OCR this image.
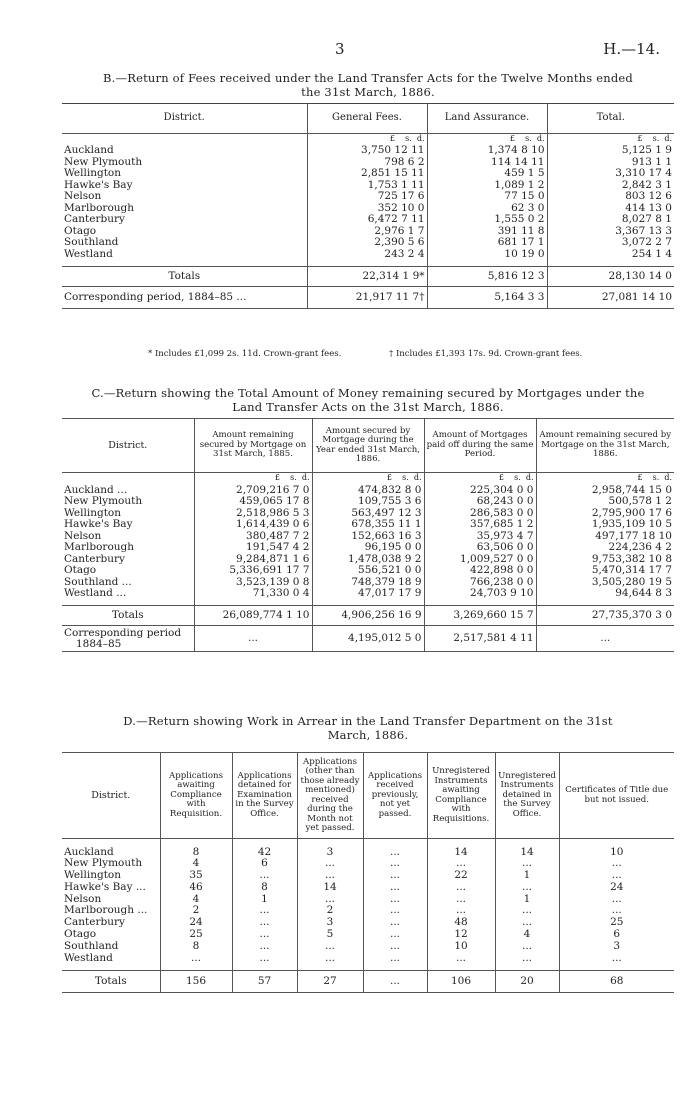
3	H.—14.
B.—Return of Fees received under the Land Transfer Acts for the Twelve Months ended
the 31st March, 1886.
District.	General Fees.	Land Assurance.	Total.
	£    s.  d.	£    s.  d.	£    s.  d.
Auckland	3,750 12 11	1,374 8 10	5,125 1 9
New Plymouth	798 6 2	114 14 11	913 1 1
Wellington	2,851 15 11	459 1 5	3,310 17 4
Hawke's Bay	1,753 1 11	1,089 1 2	2,842 3 1
Nelson	725 17 6	77 15 0	803 12 6
Marlborough	352 10 0	62 3 0	414 13 0
Canterbury	6,472 7 11	1,555 0 2	8,027 8 1
Otago	2,976 1 7	391 11 8	3,367 13 3
Southland	2,390 5 6	681 17 1	3,072 2 7
Westland	243 2 4	10 19 0	254 1 4

Totals	22,314 1 9*	5,816 12 3	28,130 14 0
Corresponding period, 1884–85 ...	21,917 11 7†	5,164 3 3	27,081 14 10
* Includes £1,099 2s. 11d. Crown-grant fees.	† Includes £1,393 17s. 9d. Crown-grant fees.
C.—Return showing the Total Amount of Money remaining secured by Mortgages under the
Land Transfer Acts on the 31st March, 1886.
District.	Amount remaining secured by Mortgage on 31st March, 1885.	Amount secured by Mortgage during the Year ended 31st March, 1886.	Amount of Mortgages paid off during the same Period.	Amount remaining secured by Mortgage on the 31st March, 1886.
	£    s.  d.	£    s.  d.	£    s.  d.	£    s.  d.
Auckland ...	2,709,216 7 0	474,832 8 0	225,304 0 0	2,958,744 15 0
New Plymouth	459,065 17 8	109,755 3 6	68,243 0 0	500,578 1 2
Wellington	2,518,986 5 3	563,497 12 3	286,583 0 0	2,795,900 17 6
Hawke's Bay	1,614,439 0 6	678,355 11 1	357,685 1 2	1,935,109 10 5
Nelson	380,487 7 2	152,663 16 3	35,973 4 7	497,177 18 10
Marlborough	191,547 4 2	96,195 0 0	63,506 0 0	224,236 4 2
Canterbury	9,284,871 1 6	1,478,038 9 2	1,009,527 0 0	9,753,382 10 8
Otago	5,336,691 17 7	556,521 0 0	422,898 0 0	5,470,314 17 7
Southland ...	3,523,139 0 8	748,379 18 9	766,238 0 0	3,505,280 19 5
Westland ...	71,330 0 4	47,017 17 9	24,703 9 10	94,644 8 3

Totals	26,089,774 1 10	4,906,256 16 9	3,269,660 15 7	27,735,370 3 0

Corresponding period
1884–85	...	4,195,012 5 0	2,517,581 4 11	...
D.—Return showing Work in Arrear in the Land Transfer Department on the 31st
March, 1886.
District.	Applications awaiting Compliance with Requisition.	Applications detained for Examination in the Survey Office.	Applications (other than those already mentioned) received during the Month not yet passed.	Applications received previously, not yet passed.	Unregistered Instruments awaiting Compliance with Requisitions.	Unregistered Instruments detained in the Survey Office.	Certificates of Title due but not issued.

Auckland	8	42	3	...	14	14	10
New Plymouth	4	6	...	...	...	...	...
Wellington	35	...	...	...	22	1	...
Hawke's Bay ...	46	8	14	...	...	...	24
Nelson	4	1	...	...	...	1	...
Marlborough ...	2	...	2	...	...	...	...
Canterbury	24	...	3	...	48	...	25
Otago	25	...	5	...	12	4	6
Southland	8	...	...	...	10	...	3
Westland	...	...	...	...	...	...	...

Totals	156	57	27	...	106	20	68
